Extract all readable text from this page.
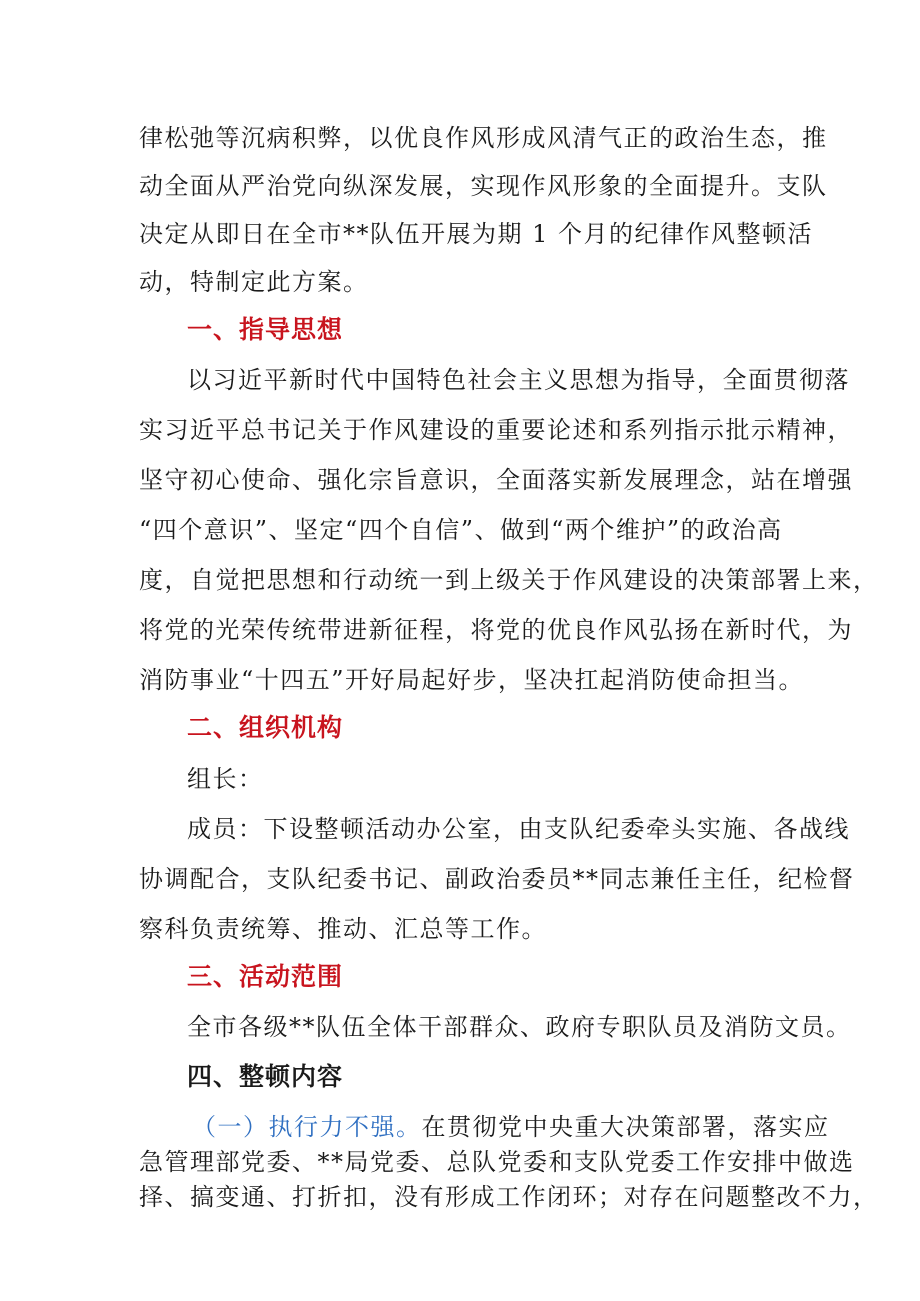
律松弛等沉病积弊，以优良作风形成风清气正的政治生态，推
动全面从严治党向纵深发展，实现作风形象的全面提升。支队
决定从即日在全市**队伍开展为期 1 个月的纪律作风整顿活
动，特制定此方案。
一、指导思想
以习近平新时代中国特色社会主义思想为指导，全面贯彻落
实习近平总书记关于作风建设的重要论述和系列指示批示精神，
坚守初心使命、强化宗旨意识，全面落实新发展理念，站在增强
“四个意识”、坚定“四个自信”、做到“两个维护”的政治高
度，自觉把思想和行动统一到上级关于作风建设的决策部署上来，
将党的光荣传统带进新征程，将党的优良作风弘扬在新时代，为
消防事业“十四五”开好局起好步，坚决扛起消防使命担当。
二、组织机构
组长：
成员：下设整顿活动办公室，由支队纪委牵头实施、各战线
协调配合，支队纪委书记、副政治委员**同志兼任主任，纪检督
察科负责统筹、推动、汇总等工作。
三、活动范围
全市各级**队伍全体干部群众、政府专职队员及消防文员。
四、整顿内容
（一）执行力不强。在贯彻党中央重大决策部署，落实应
急管理部党委、**局党委、总队党委和支队党委工作安排中做选
择、搞变通、打折扣，没有形成工作闭环；对存在问题整改不力，
